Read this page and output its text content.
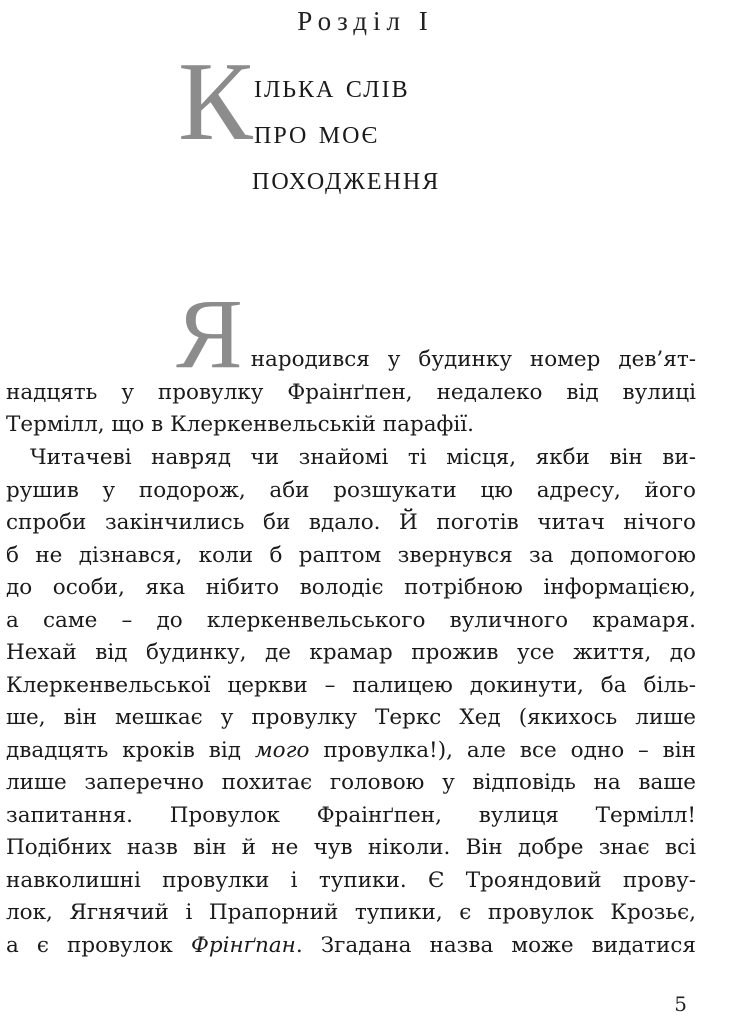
Розділ І
К ілька слів
про моє
походження
Я народився у будинку номер дев’ят-
надцять у провулку Фраінґпен, недалеко від вулиці
Термілл, що в Клеркенвельській парафії.
Читачеві навряд чи знайомі ті місця, якби він ви-
рушив у подорож, аби розшукати цю адресу, його
спроби закінчились би вдало. Й поготів читач нічого
б не дізнався, коли б раптом звернувся за допомогою
до особи, яка нібито володіє потрібною інформацією,
а саме – до клеркенвельського вуличного крамаря.
Нехай від будинку, де крамар прожив усе життя, до
Клеркенвельської церкви – палицею докинути, ба біль-
ше, він мешкає у провулку Теркс Хед (якихось лише
двадцять кроків від мого провулка!), але все одно – він
лише заперечно похитає головою у відповідь на ваше
запитання. Провулок Фраінґпен, вулиця Термілл!
Подібних назв він й не чув ніколи. Він добре знає всі
навколишні провулки і тупики. Є Трояндовий прову-
лок, Ягнячий і Прапорний тупики, є провулок Крозьє,
а є провулок Фрінґпан. Згадана назва може видатися
5
